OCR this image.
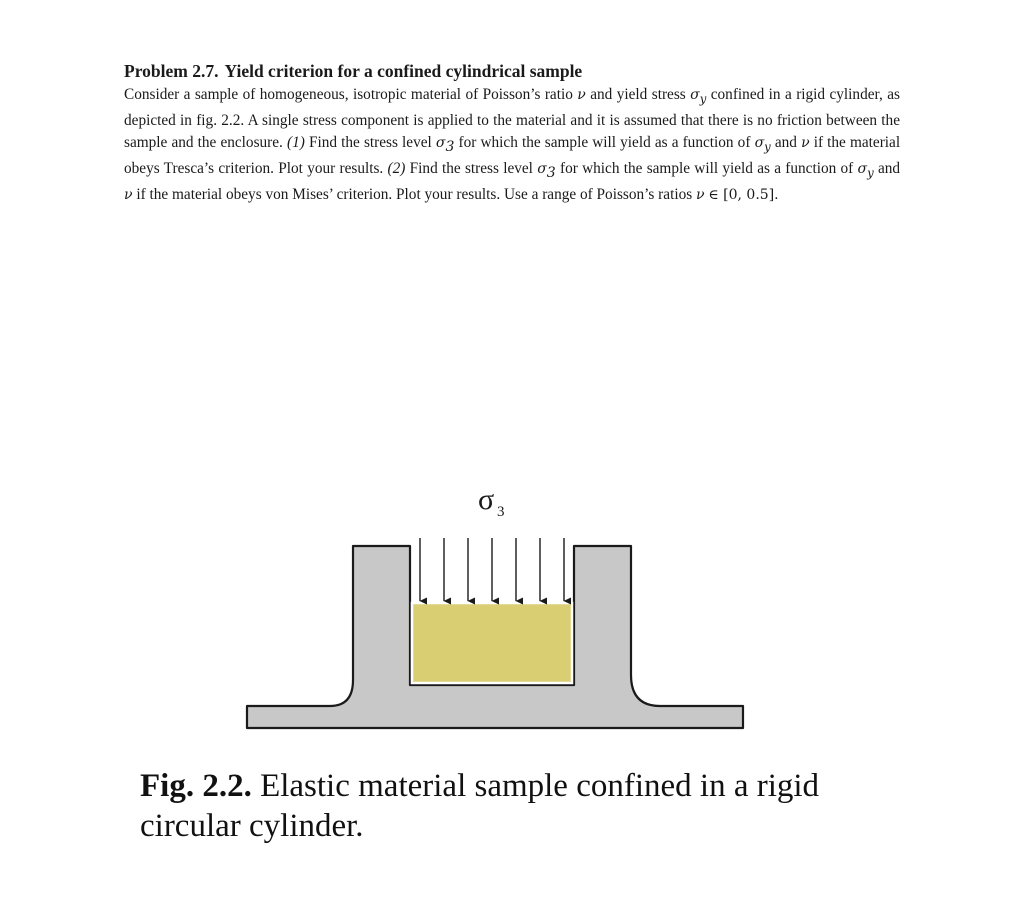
Problem 2.7. Yield criterion for a confined cylindrical sample

Consider a sample of homogeneous, isotropic material of Poisson’s ratio ν and yield stress $\sigma_y$ confined in a rigid cylinder, as depicted in fig. 2.2. A single stress component is applied to the material and it is assumed that there is no friction between the sample and the enclosure. (1) Find the stress level $\sigma_3$ for which the sample will yield as a function of $\sigma_y$ and ν if the material obeys Tresca’s criterion. Plot your results. (2) Find the stress level $\sigma_3$ for which the sample will yield as a function of $\sigma_y$ and ν if the material obeys von Mises’ criterion. Plot your results. Use a range of Poisson’s ratios ν ∈ [0, 0.5].

σ 3
Fig. 2.2. Elastic material sample confined in a rigid circular cylinder.
